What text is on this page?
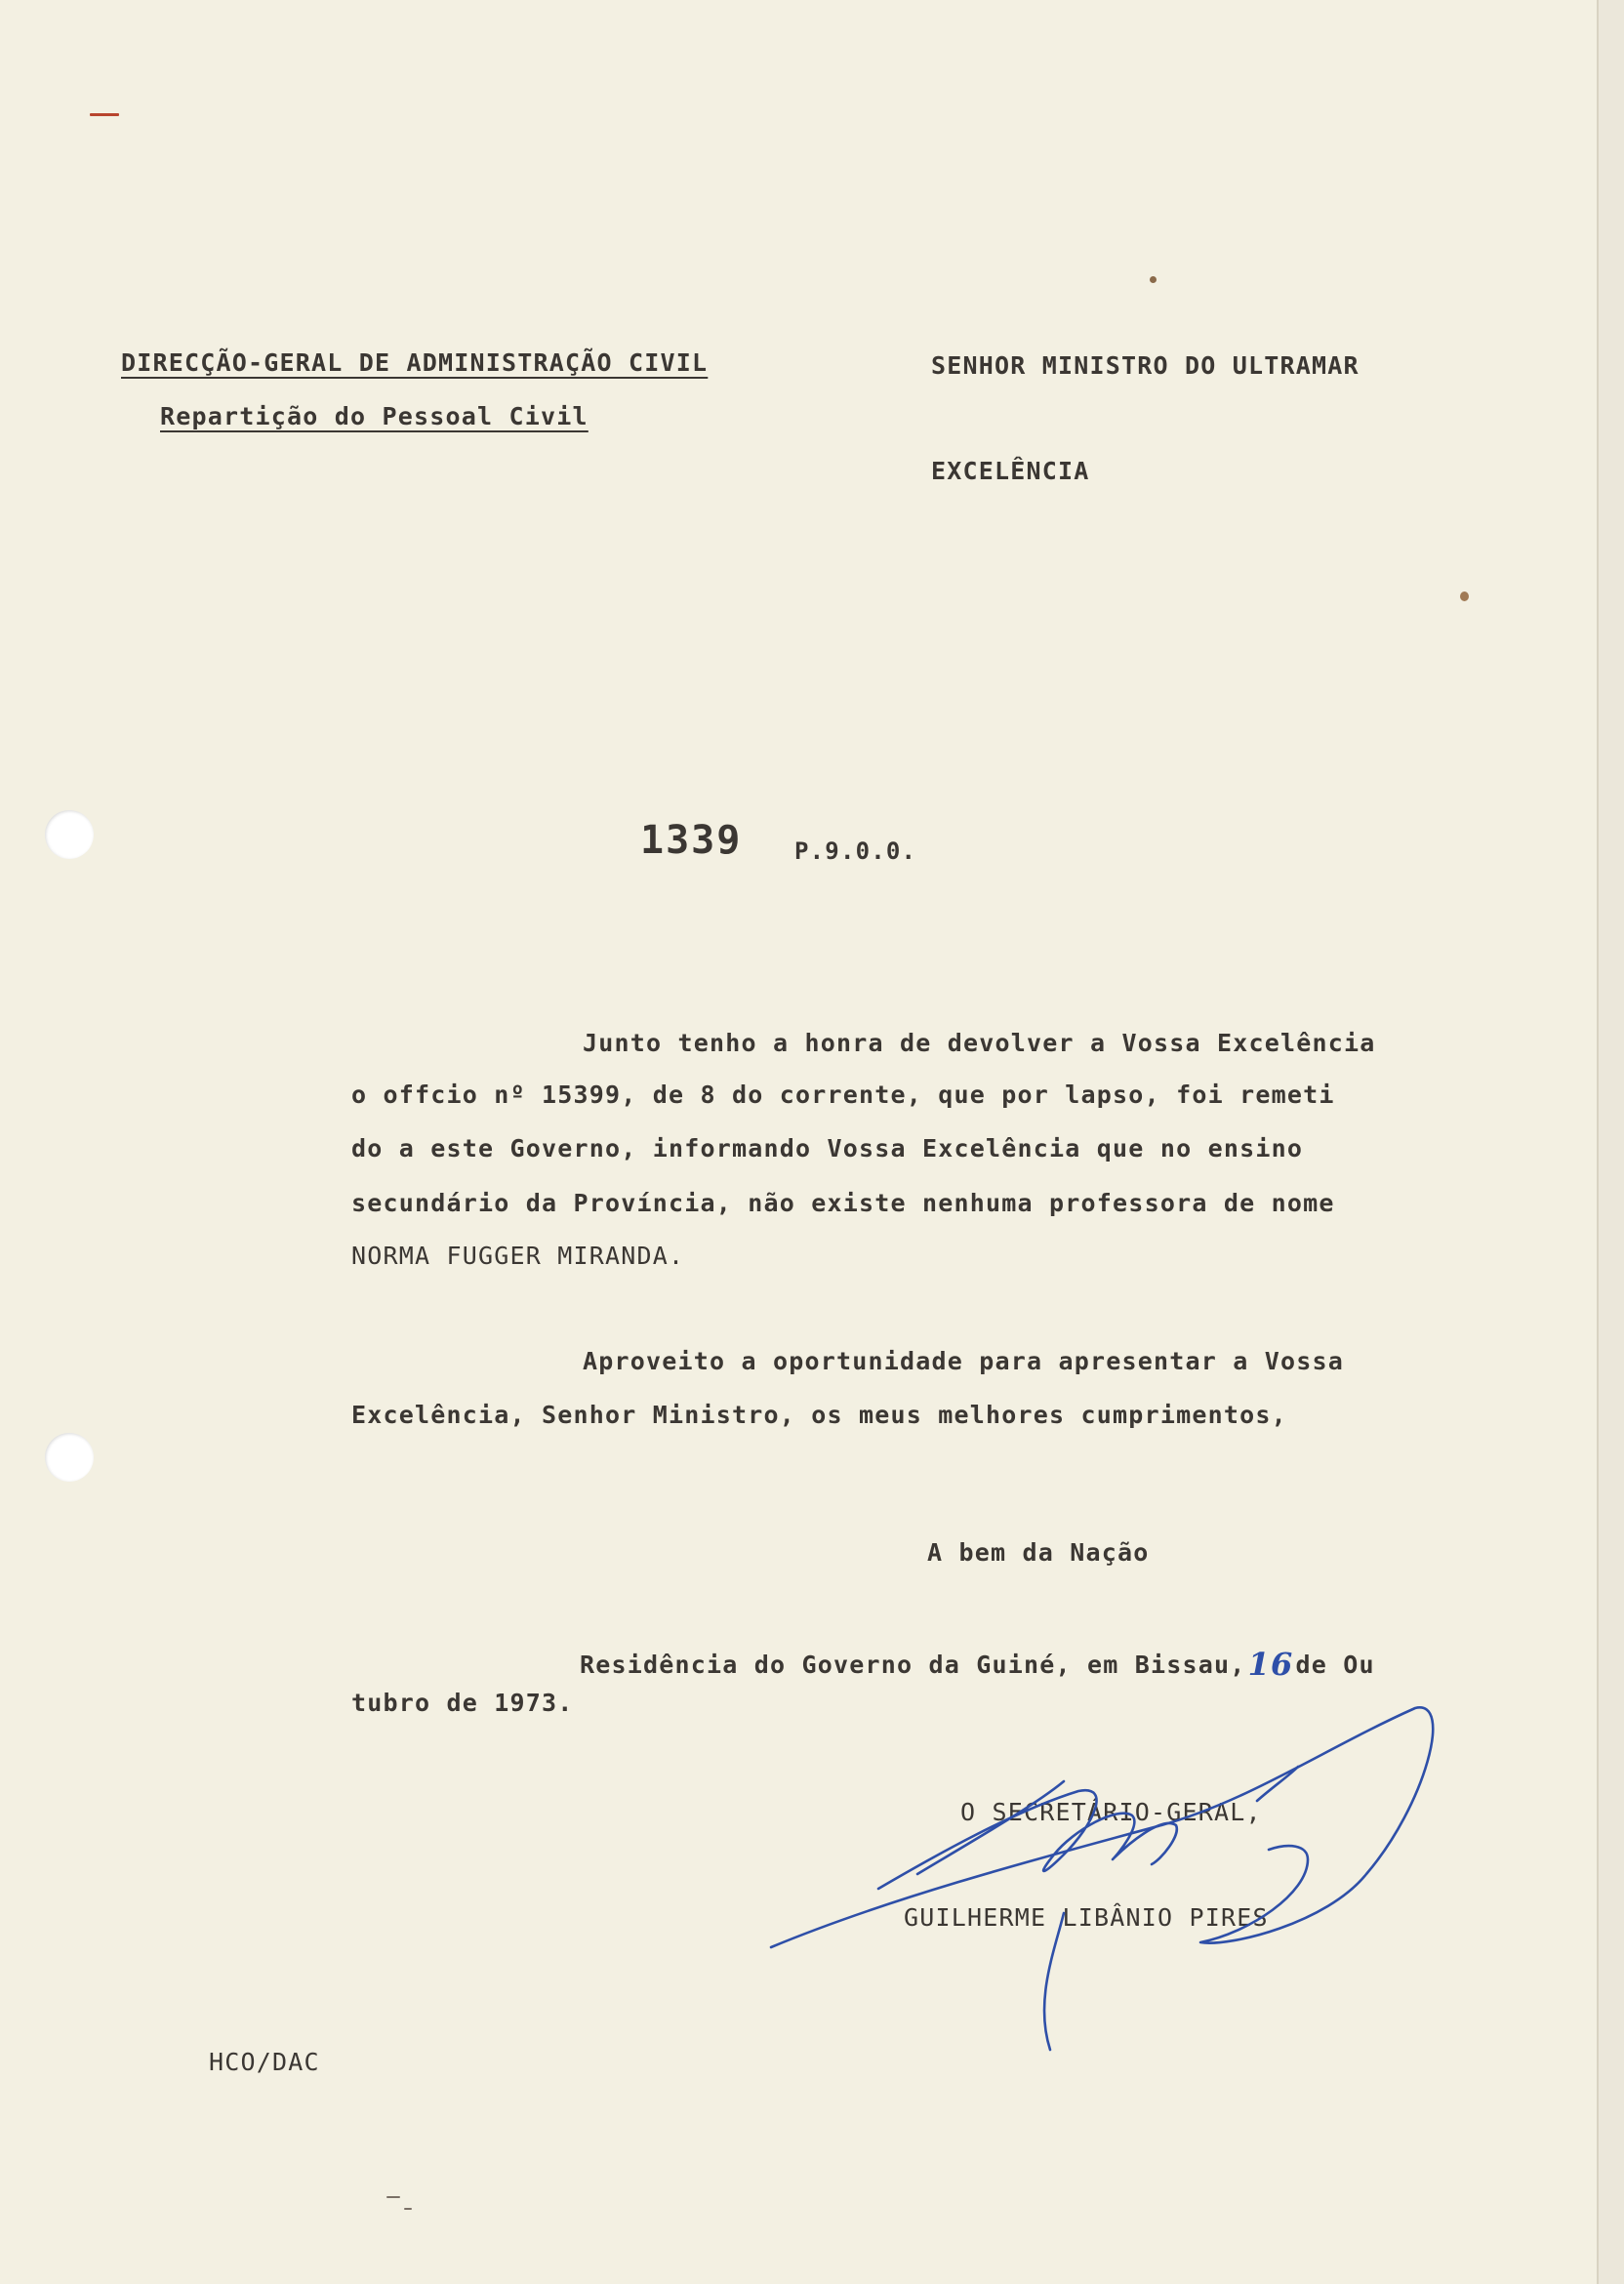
DIRECÇÃO-GERAL DE ADMINISTRAÇÃO CIVIL
Repartição do Pessoal Civil
SENHOR MINISTRO DO ULTRAMAR
EXCELÊNCIA
1339 P.9.0.0.
Junto tenho a honra de devolver a Vossa Excelência
o offcio nº 15399, de 8 do corrente, que por lapso, foi remeti
do a este Governo, informando Vossa Excelência que no ensino
secundário da Província, não existe nenhuma professora de nome
NORMA FUGGER MIRANDA.
Aproveito a oportunidade para apresentar a Vossa
Excelência, Senhor Ministro, os meus melhores cumprimentos,
A bem da Nação
Residência do Governo da Guiné, em Bissau,16de Ou
tubro de 1973.
O SECRETÁRIO-GERAL,
GUILHERME LIBÂNIO PIRES
HCO/DAC
